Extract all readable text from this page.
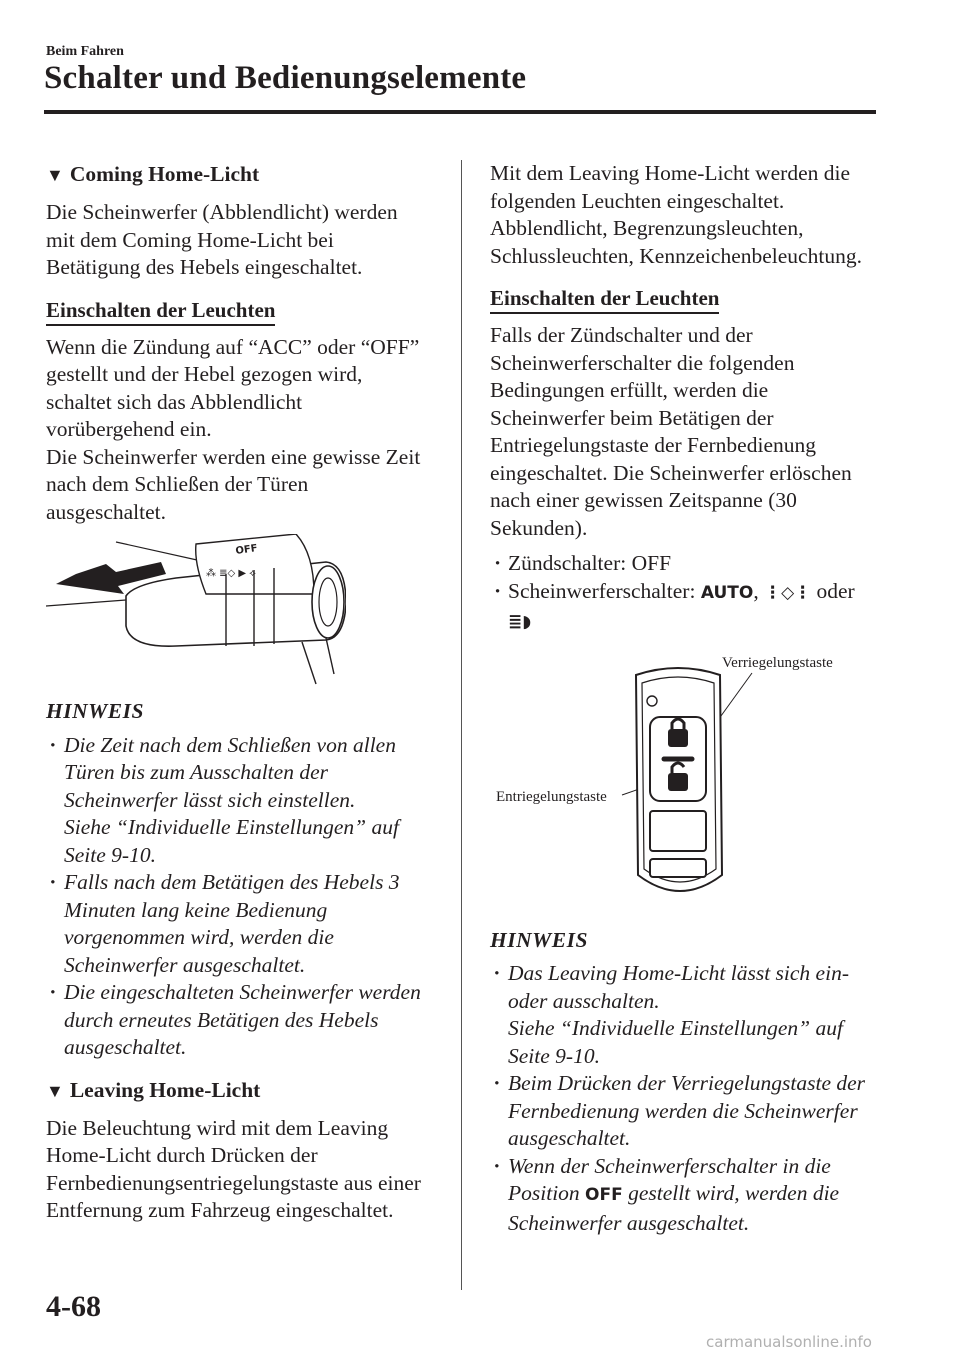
Beim Fahren
Schalter und Bedienungselemente
▼ Coming Home-Licht

Die Scheinwerfer (Abblendlicht) werden mit dem Coming Home-Licht bei Betätigung des Hebels eingeschaltet.

Einschalten der Leuchten

Wenn die Zündung auf “ACC” oder “OFF” gestellt und der Hebel gezogen wird, schaltet sich das Abblendlicht vorübergehend ein.

Die Scheinwerfer werden eine gewisse Zeit nach dem Schließen der Türen ausgeschaltet.

OFF
⁂ ≣◇ ▶ ⟡
HINWEIS
· Die Zeit nach dem Schließen von allen Türen bis zum Ausschalten der Scheinwerfer lässt sich einstellen.
Siehe “Individuelle Einstellungen” auf Seite 9-10.
· Falls nach dem Betätigen des Hebels 3 Minuten lang keine Bedienung vorgenommen wird, werden die Scheinwerfer ausgeschaltet.
· Die eingeschalteten Scheinwerfer werden durch erneutes Betätigen des Hebels ausgeschaltet.
▼ Leaving Home-Licht

Die Beleuchtung wird mit dem Leaving Home-Licht durch Drücken der Fernbedienungsentriegelungstaste aus einer Entfernung zum Fahrzeug eingeschaltet.

Mit dem Leaving Home-Licht werden die folgenden Leuchten eingeschaltet.

Abblendlicht, Begrenzungsleuchten, Schlussleuchten, Kennzeichenbeleuchtung.

Einschalten der Leuchten

Falls der Zündschalter und der Scheinwerferschalter die folgenden Bedingungen erfüllt, werden die Scheinwerfer beim Betätigen der Entriegelungstaste der Fernbedienung eingeschaltet. Die Scheinwerfer erlöschen nach einer gewissen Zeitspanne (30 Sekunden).

· Zündschalter: OFF
· Scheinwerferschalter: AUTO, ⋮◇⋮ oder
≣◗
Verriegelungstaste
Entriegelungstaste
HINWEIS
· Das Leaving Home-Licht lässt sich ein- oder ausschalten.
Siehe “Individuelle Einstellungen” auf Seite 9-10.
· Beim Drücken der Verriegelungstaste der Fernbedienung werden die Scheinwerfer ausgeschaltet.
· Wenn der Scheinwerferschalter in die Position OFF gestellt wird, werden die Scheinwerfer ausgeschaltet.
4-68
carmanualsonline.info
